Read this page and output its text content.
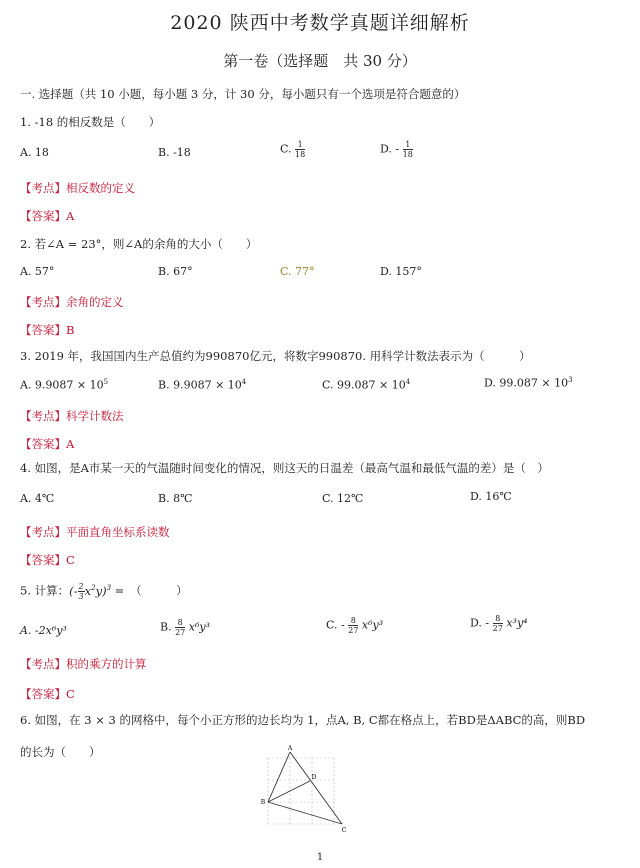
2020 陕西中考数学真题详细解析
第一卷（选择题　共 30 分）
一. 选择题（共 10 小题，每小题 3 分，计 30 分，每小题只有一个选项是符合题意的）
1. -18 的相反数是（　　）
A. 18	B. -18	C. $\frac{1}{18}$	D. - $\frac{1}{18}$
【考点】相反数的定义
【答案】A
2. 若∠A = 23°，则∠A的余角的大小（　　）
A. 57°	B. 67°	C. 77°	D. 157°
【考点】余角的定义
【答案】B
3. 2019 年，我国国内生产总值约为990870亿元，将数字990870. 用科学计数法表示为（　　　）
A. $9.9087 \times 10^5$	B. $9.9087 \times 10^4$	C. $99.087 \times 10^4$	D. $99.087 \times 10^3$
【考点】科学计数法
【答案】A
4. 如图，是A市某一天的气温随时间变化的情况，则这天的日温差（最高气温和最低气温的差）是（　）
A. 4℃	B. 8℃	C. 12℃	D. 16℃
【考点】平面直角坐标系读数
【答案】C
5. 计算：(- $\frac{2}{3} x^2y)^3$ =　（　　　）
A. -2x⁶y³	B. $\frac{8}{27} x^6y^3$	C. - $\frac{8}{27} x^6y^3$	D. - $\frac{8}{27} x^3y^4$
【考点】积的乘方的计算
【答案】C
6. 如图，在 3 × 3 的网格中，每个小正方形的边长均为 1，点A, B, C都在格点上，若BD是ΔABC的高，则BD
的长为（　　）	A
B
C
D
1
